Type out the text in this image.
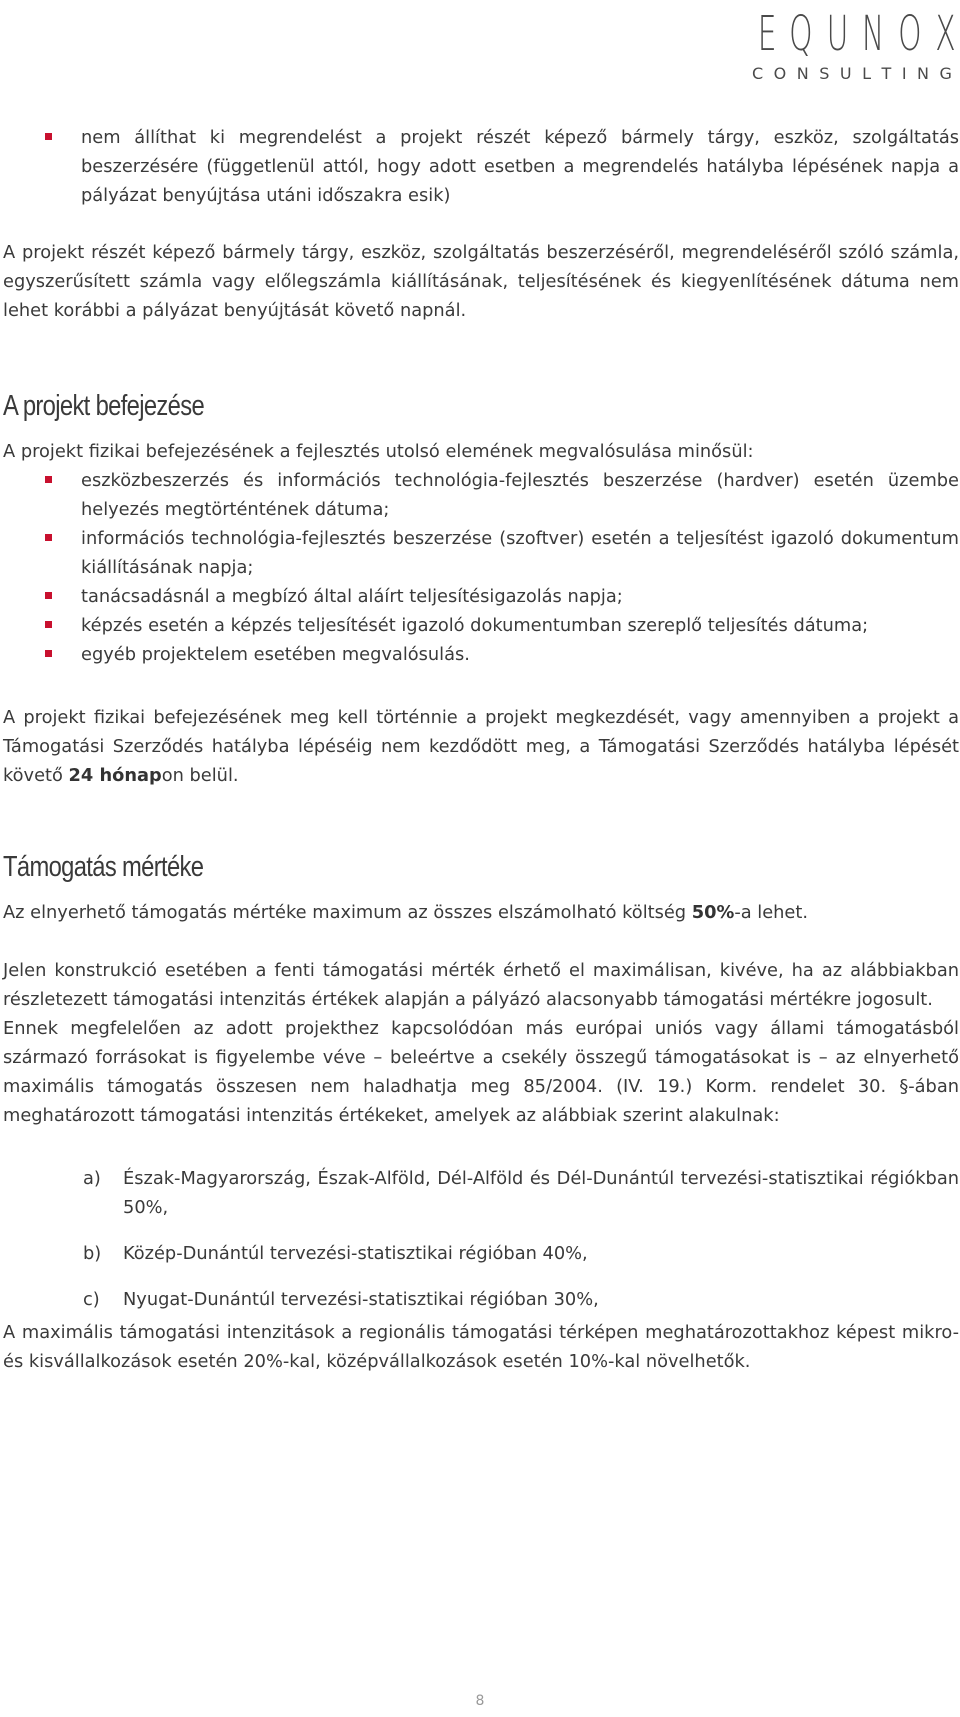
E Q U N O X
C O N S U L T I N G
nem állíthat ki megrendelést a projekt részét képező bármely tárgy, eszköz, szolgáltatás beszerzésére (függetlenül attól, hogy adott esetben a megrendelés hatályba lépésének napja a pályázat benyújtása utáni időszakra esik)

A projekt részét képező bármely tárgy, eszköz, szolgáltatás beszerzéséről, megrendeléséről szóló számla, egyszerűsített számla vagy előlegszámla kiállításának, teljesítésének és kiegyenlítésének dátuma nem lehet korábbi a pályázat benyújtását követő napnál.

A projekt befejezése

A projekt fizikai befejezésének a fejlesztés utolsó elemének megvalósulása minősül:

eszközbeszerzés és információs technológia-fejlesztés beszerzése (hardver) esetén üzembe helyezés megtörténtének dátuma;
információs technológia-fejlesztés beszerzése (szoftver) esetén a teljesítést igazoló dokumentum kiállításának napja;
tanácsadásnál a megbízó által aláírt teljesítésigazolás napja;
képzés esetén a képzés teljesítését igazoló dokumentumban szereplő teljesítés dátuma;
egyéb projektelem esetében megvalósulás.

A projekt fizikai befejezésének meg kell történnie a projekt megkezdését, vagy amennyiben a projekt a Támogatási Szerződés hatályba lépéséig nem kezdődött meg, a Támogatási Szerződés hatályba lépését követő 24 hónapon belül.

Támogatás mértéke

Az elnyerhető támogatás mértéke maximum az összes elszámolható költség 50%-a lehet.

Jelen konstrukció esetében a fenti támogatási mérték érhető el maximálisan, kivéve, ha az alábbiakban részletezett támogatási intenzitás értékek alapján a pályázó alacsonyabb támogatási mértékre jogosult.

Ennek megfelelően az adott projekthez kapcsolódóan más európai uniós vagy állami támogatásból származó forrásokat is figyelembe véve – beleértve a csekély összegű támogatásokat is – az elnyerhető maximális támogatás összesen nem haladhatja meg 85/2004. (IV. 19.) Korm. rendelet 30. §-ában meghatározott támogatási intenzitás értékeket, amelyek az alábbiak szerint alakulnak:

a) Észak-Magyarország, Észak-Alföld, Dél-Alföld és Dél-Dunántúl tervezési-statisztikai régiókban 50%,
b) Közép-Dunántúl tervezési-statisztikai régióban 40%,
c) Nyugat-Dunántúl tervezési-statisztikai régióban 30%,

A maximális támogatási intenzitások a regionális támogatási térképen meghatározottakhoz képest mikro- és kisvállalkozások esetén 20%-kal, középvállalkozások esetén 10%-kal növelhetők.

8
